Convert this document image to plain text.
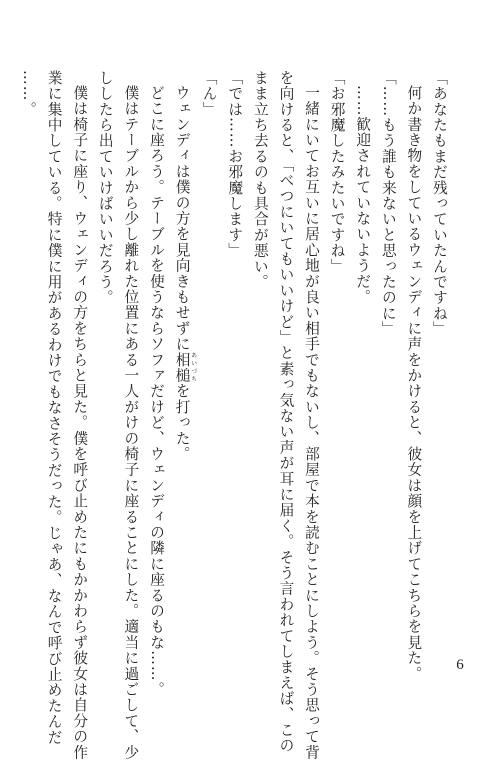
「あなたもまだ残っていたんですね」

何か書き物をしているウェンディに声をかけると、彼女は顔を上げてこちらを見た。

「……もう誰も来ないと思ったのに」

……歓迎されていないようだ。

「お邪魔したみたいですね」

一緒にいてお互いに居心地が良い相手でもないし、部屋で本を読むことにしよう。そう思って背

を向けると、「べつにいてもいいけど」と素っ気ない声が耳に届く。そう言われてしまえば、この

まま立ち去るのも具合が悪い。

「では……お邪魔します」

「ん」

ウェンディは僕の方を見向きもせずに相槌 あいづちを打った。

どこに座ろう。テーブルを使うならソファだけど、ウェンディの隣に座るのもな……。

僕はテーブルから少し離れた位置にある一人がけの椅子に座ることにした。適当に過ごして、少

ししたら出ていけばいいだろう。

僕は椅子に座り、ウェンディの方をちらと見た。僕を呼び止めたにもかかわらず彼女は自分の作

業に集中している。特に僕に用があるわけでもなさそうだった。じゃあ、なんで呼び止めたんだ

……。

6
